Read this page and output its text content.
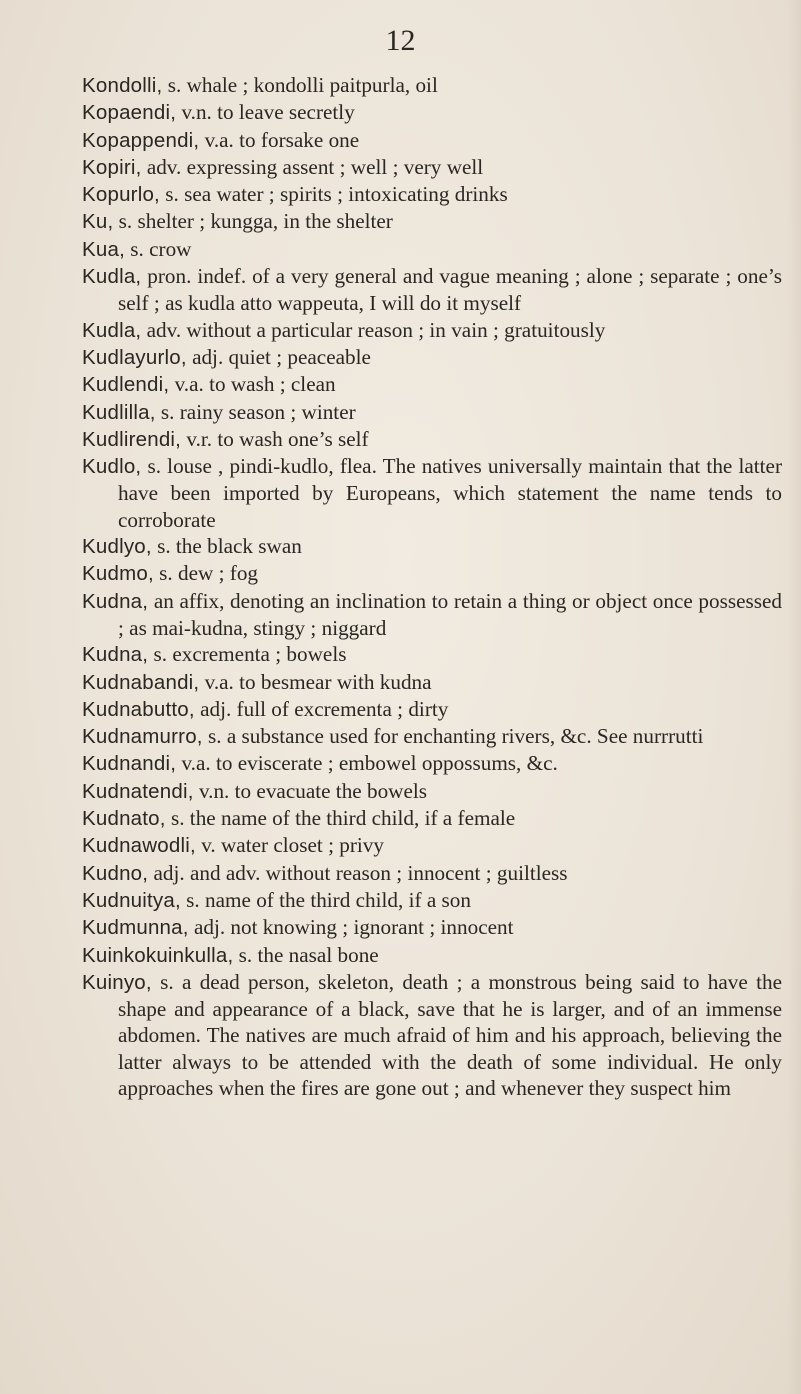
12

Kondolli, s. whale ; kondolli paitpurla, oil

Kopaendi, v.n. to leave secretly

Kopappendi, v.a. to forsake one

Kopiri, adv. expressing assent ; well ; very well

Kopurlo, s. sea water ; spirits ; intoxicating drinks

Ku, s. shelter ; kungga, in the shelter

Kua, s. crow

Kudla, pron. indef. of a very general and vague meaning ; alone ; separate ; one’s self ; as kudla atto wappeuta, I will do it myself

Kudla, adv. without a particular reason ; in vain ; gratuitously

Kudlayurlo, adj. quiet ; peaceable

Kudlendi, v.a. to wash ; clean

Kudlilla, s. rainy season ; winter

Kudlirendi, v.r. to wash one’s self

Kudlo, s. louse , pindi-kudlo, flea. The natives universally maintain that the latter have been imported by Europeans, which statement the name tends to corroborate

Kudlyo, s. the black swan

Kudmo, s. dew ; fog

Kudna, an affix, denoting an inclination to retain a thing or object once possessed ; as mai-kudna, stingy ; niggard

Kudna, s. excrementa ; bowels

Kudnabandi, v.a. to besmear with kudna

Kudnabutto, adj. full of excrementa ; dirty

Kudnamurro, s. a substance used for enchanting rivers, &c. See nurrrutti

Kudnandi, v.a. to eviscerate ; embowel oppossums, &c.

Kudnatendi, v.n. to evacuate the bowels

Kudnato, s. the name of the third child, if a female

Kudnawodli, v. water closet ; privy

Kudno, adj. and adv. without reason ; innocent ; guiltless

Kudnuitya, s. name of the third child, if a son

Kudmunna, adj. not knowing ; ignorant ; innocent

Kuinkokuinkulla, s. the nasal bone

Kuinyo, s. a dead person, skeleton, death ; a monstrous being said to have the shape and appearance of a black, save that he is larger, and of an immense abdomen. The natives are much afraid of him and his approach, believing the latter always to be attended with the death of some individual. He only approaches when the fires are gone out ; and whenever they suspect him
